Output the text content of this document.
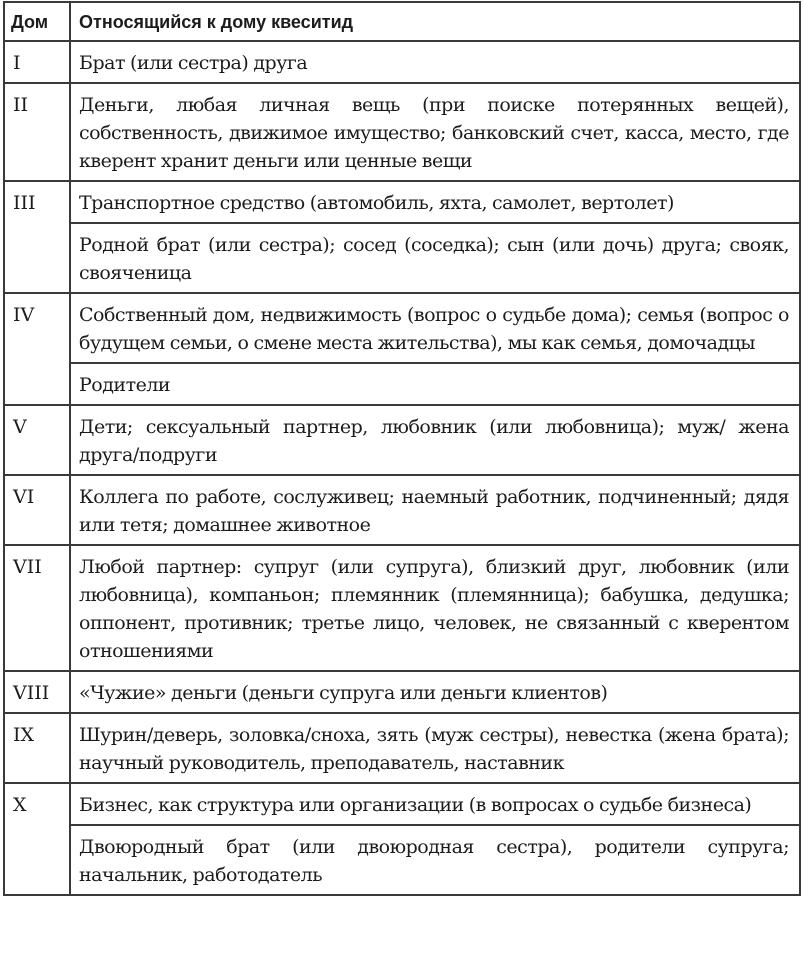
Дом	Относящийся к дому квеситид
I	Брат (или сестра) друга
II	Деньги, любая личная вещь (при поиске потерянных вещей), собственность, движимое имущество; банковский счет, касса, место, где кверент хранит деньги или ценные вещи
III	Транспортное средство (автомобиль, яхта, самолет, вертолет)
	Родной брат (или сестра); сосед (соседка); сын (или дочь) друга; свояк, свояченица
IV	Собственный дом, недвижимость (вопрос о судьбе дома); семья (вопрос о будущем семьи, о смене места жительства), мы как семья, домочадцы
	Родители
V	Дети; сексуальный партнер, любовник (или любовница); муж/ жена друга/подруги
VI	Коллега по работе, сослуживец; наемный работник, подчиненный; дядя или тетя; домашнее животное
VII	Любой партнер: супруг (или супруга), близкий друг, любовник (или любовница), компаньон; племянник (племянница); бабушка, дедушка; оппонент, противник; третье лицо, человек, не связанный с кверентом отношениями
VIII	«Чужие» деньги (деньги супруга или деньги клиентов)
IX	Шурин/деверь, золовка/сноха, зять (муж сестры), невестка (жена брата); научный руководитель, преподаватель, наставник
X	Бизнес, как структура или организации (в вопросах о судьбе бизнеса)
	Двоюродный брат (или двоюродная сестра), родители супруга; начальник, работодатель
